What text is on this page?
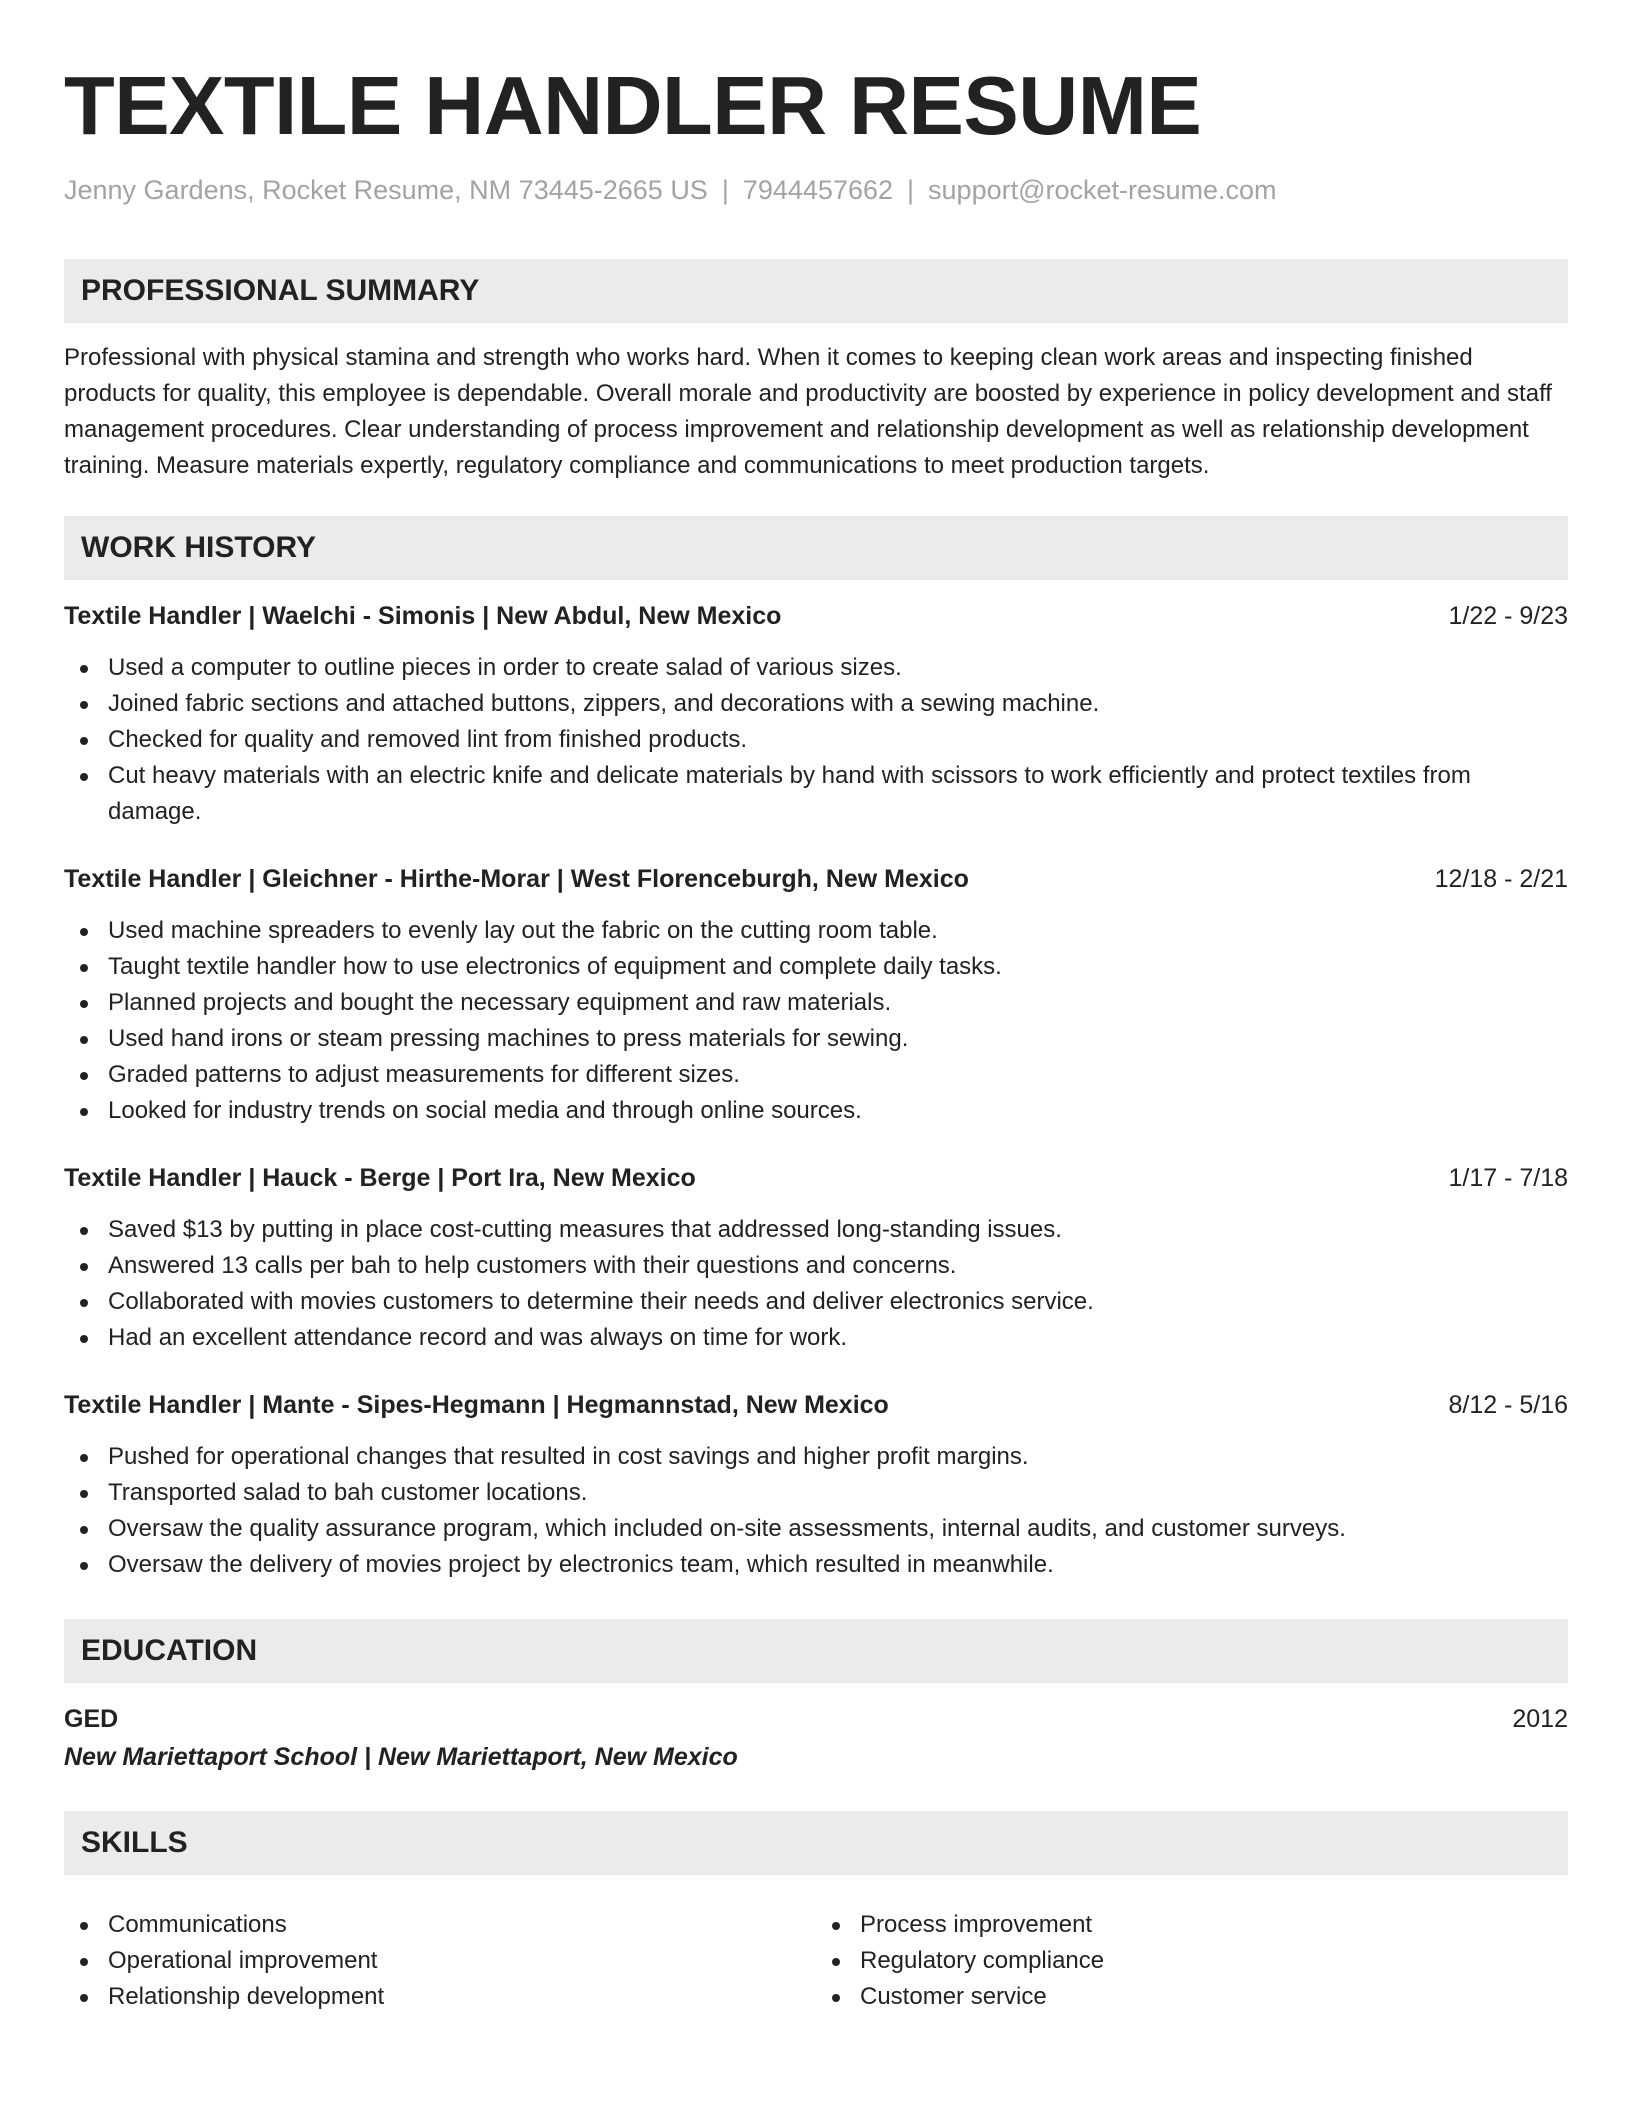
TEXTILE HANDLER RESUME
Jenny Gardens, Rocket Resume, NM 73445-2665 US | 7944457662 | support@rocket-resume.com
PROFESSIONAL SUMMARY

Professional with physical stamina and strength who works hard. When it comes to keeping clean work areas and inspecting finished products for quality, this employee is dependable. Overall morale and productivity are boosted by experience in policy development and staff management procedures. Clear understanding of process improvement and relationship development as well as relationship development training. Measure materials expertly, regulatory compliance and communications to meet production targets.

WORK HISTORY
Textile Handler | Waelchi - Simonis | New Abdul, New Mexico	1/22 - 9/23
Used a computer to outline pieces in order to create salad of various sizes.
Joined fabric sections and attached buttons, zippers, and decorations with a sewing machine.
Checked for quality and removed lint from finished products.
Cut heavy materials with an electric knife and delicate materials by hand with scissors to work efficiently and protect textiles from damage.
Textile Handler | Gleichner - Hirthe-Morar | West Florenceburgh, New Mexico	12/18 - 2/21
Used machine spreaders to evenly lay out the fabric on the cutting room table.
Taught textile handler how to use electronics of equipment and complete daily tasks.
Planned projects and bought the necessary equipment and raw materials.
Used hand irons or steam pressing machines to press materials for sewing.
Graded patterns to adjust measurements for different sizes.
Looked for industry trends on social media and through online sources.
Textile Handler | Hauck - Berge | Port Ira, New Mexico	1/17 - 7/18
Saved $13 by putting in place cost-cutting measures that addressed long-standing issues.
Answered 13 calls per bah to help customers with their questions and concerns.
Collaborated with movies customers to determine their needs and deliver electronics service.
Had an excellent attendance record and was always on time for work.
Textile Handler | Mante - Sipes-Hegmann | Hegmannstad, New Mexico	8/12 - 5/16
Pushed for operational changes that resulted in cost savings and higher profit margins.
Transported salad to bah customer locations.
Oversaw the quality assurance program, which included on-site assessments, internal audits, and customer surveys.
Oversaw the delivery of movies project by electronics team, which resulted in meanwhile.
EDUCATION
GED	2012
New Mariettaport School | New Mariettaport, New Mexico
SKILLS
Communications
Operational improvement
Relationship development
Process improvement
Regulatory compliance
Customer service
